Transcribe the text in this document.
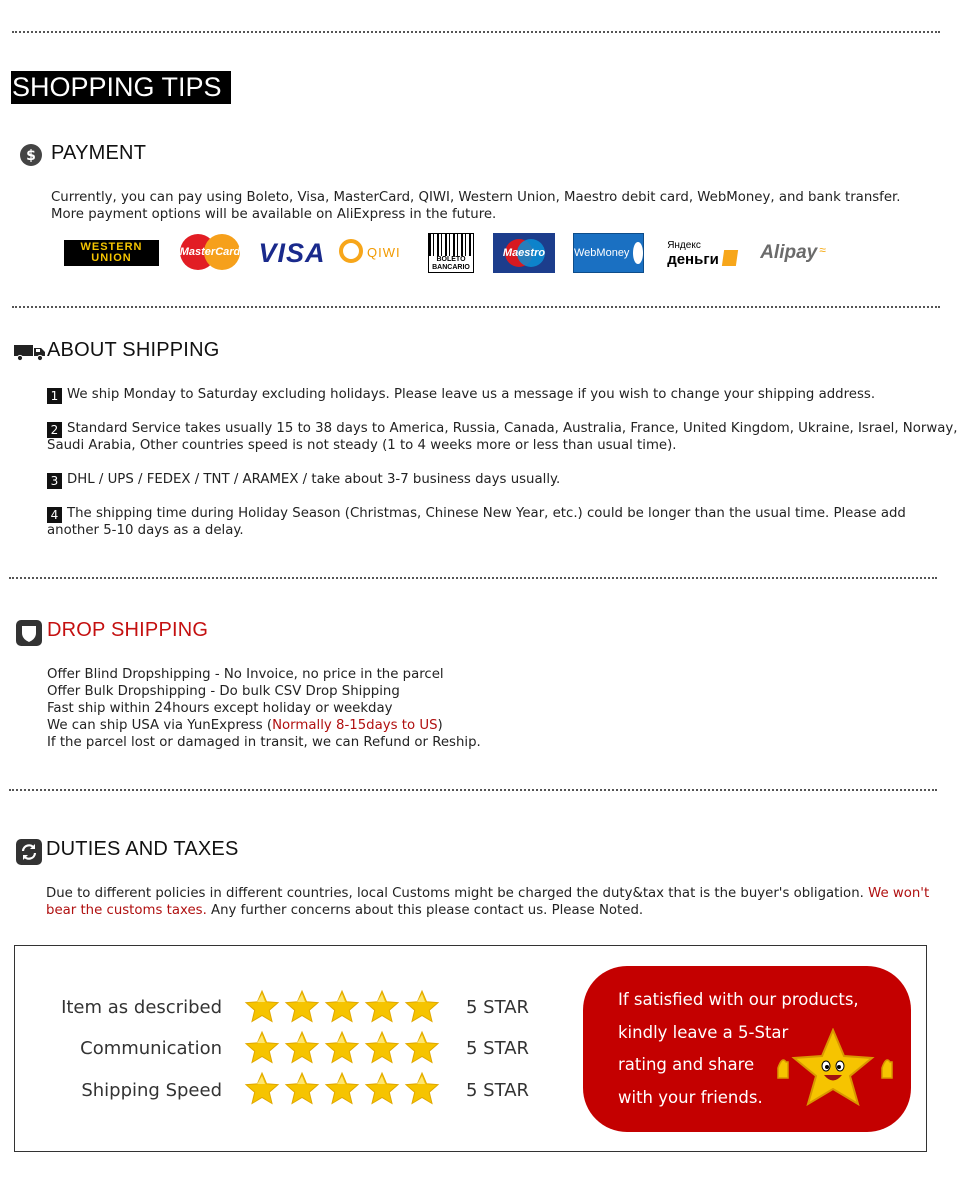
SHOPPING TIPS
$ PAYMENT
Currently, you can pay using Boleto, Visa, MasterCard, QIWI, Western Union, Maestro debit card, WebMoney, and bank transfer.
More payment options will be available on AliExpress in the future.
WESTERN
UNION	MasterCard VISA	QIWI	BOLETO
BANCARIO
Maestro	WebMoney
Яндекс
деньги Alipay ≈
ABOUT SHIPPING
1 We ship Monday to Saturday excluding holidays. Please leave us a message if you wish to change your shipping address.
2 Standard Service takes usually 15 to 38 days to America, Russia, Canada, Australia, France, United Kingdom, Ukraine, Israel, Norway,
Saudi Arabia, Other countries speed is not steady (1 to 4 weeks more or less than usual time).
3 DHL / UPS / FEDEX / TNT / ARAMEX / take about 3-7 business days usually.
4 The shipping time during Holiday Season (Christmas, Chinese New Year, etc.) could be longer than the usual time. Please add
another 5-10 days as a delay.
DROP SHIPPING
Offer Blind Dropshipping - No Invoice, no price in the parcel
Offer Bulk Dropshipping - Do bulk CSV Drop Shipping
Fast ship within 24hours except holiday or weekday
We can ship USA via YunExpress (Normally 8-15days to US)
If the parcel lost or damaged in transit, we can Refund or Reship.
DUTIES AND TAXES
Due to different policies in different countries, local Customs might be charged the duty&tax that is the buyer's obligation. We won't
bear the customs taxes. Any further concerns about this please contact us. Please Noted.
Item as described	5 STAR
Communication	5 STAR
Shipping Speed	5 STAR
If satisfied with our products,
kindly leave a 5-Star
rating and share
with your friends.
